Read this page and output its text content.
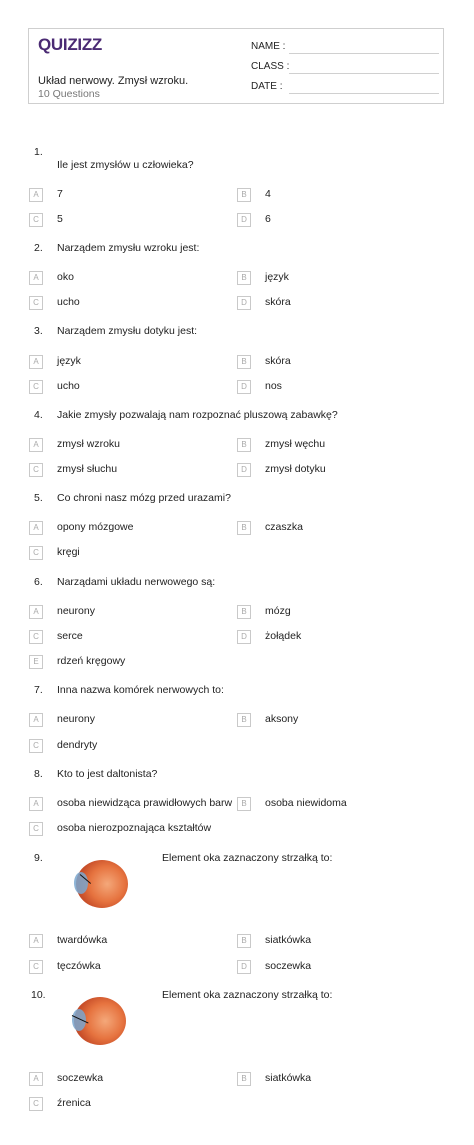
QUIZIZZ
Układ nerwowy. Zmysł wzroku.
10 Questions
NAME :
CLASS :
DATE :
1.
Ile jest zmysłów u człowieka?
A	7	B	4
C	5	D	6
2. Narządem zmysłu wzroku jest:
A	oko	B	język
C	ucho	D	skóra
3. Narządem zmysłu dotyku jest:
A	język	B	skóra
C	ucho	D	nos
4. Jakie zmysły pozwalają nam rozpoznać pluszową zabawkę?
A	zmysł wzroku	B	zmysł węchu
C	zmysł słuchu	D	zmysł dotyku
5. Co chroni nasz mózg przed urazami?
A	opony mózgowe	B	czaszka
C	kręgi
6. Narządami układu nerwowego są:
A	neurony	B	mózg
C	serce	D	żołądek
E	rdzeń kręgowy
7. Inna nazwa komórek nerwowych to:
A	neurony	B	aksony
C	dendryty
8. Kto to jest daltonista?
A	osoba niewidząca prawidłowych barw	B	osoba niewidoma
C	osoba nierozpoznająca kształtów
9.	Element oka zaznaczony strzałką to:
A	twardówka	B	siatkówka
C	tęczówka	D	soczewka
10.	Element oka zaznaczony strzałką to:
A	soczewka	B	siatkówka
C	źrenica
